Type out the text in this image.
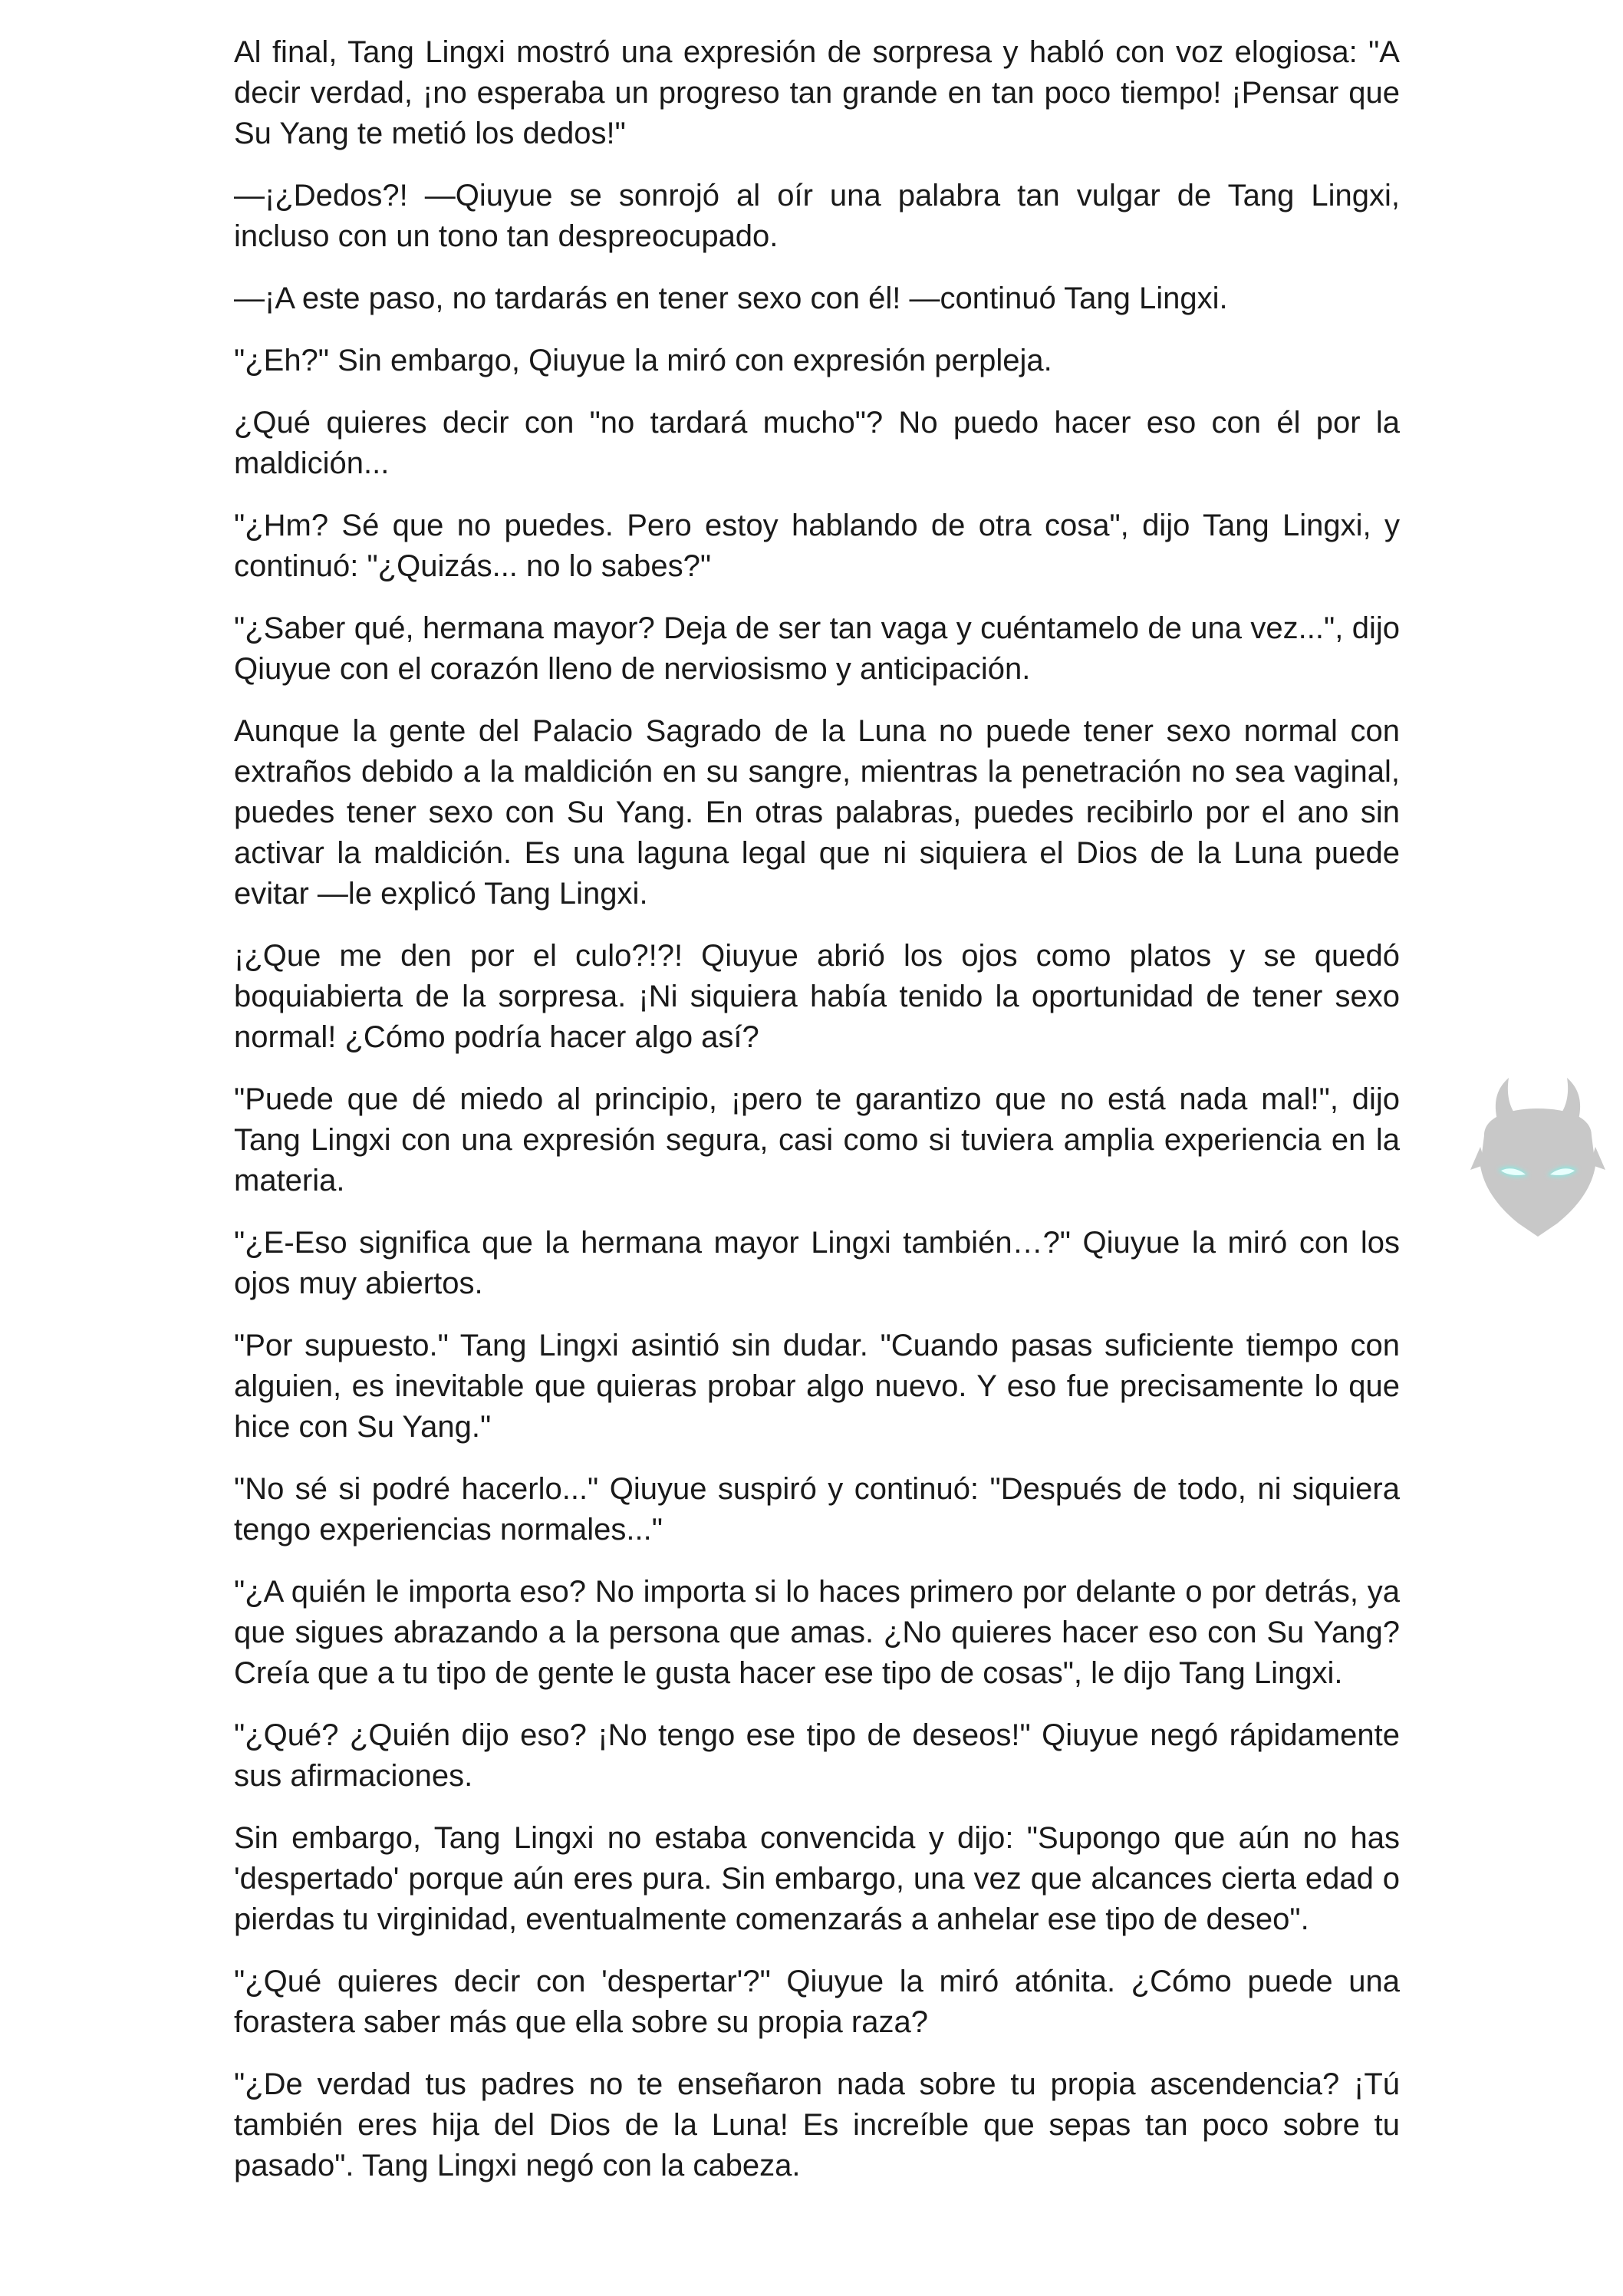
Al final, Tang Lingxi mostró una expresión de sorpresa y habló con voz elogiosa: "A decir verdad, ¡no esperaba un progreso tan grande en tan poco tiempo! ¡Pensar que Su Yang te metió los dedos!"

—¡¿Dedos?! —Qiuyue se sonrojó al oír una palabra tan vulgar de Tang Lingxi, incluso con un tono tan despreocupado.

—¡A este paso, no tardarás en tener sexo con él! —continuó Tang Lingxi.

"¿Eh?" Sin embargo, Qiuyue la miró con expresión perpleja.

¿Qué quieres decir con "no tardará mucho"? No puedo hacer eso con él por la maldición...

"¿Hm? Sé que no puedes. Pero estoy hablando de otra cosa", dijo Tang Lingxi, y continuó: "¿Quizás... no lo sabes?"

"¿Saber qué, hermana mayor? Deja de ser tan vaga y cuéntamelo de una vez...", dijo Qiuyue con el corazón lleno de nerviosismo y anticipación.

Aunque la gente del Palacio Sagrado de la Luna no puede tener sexo normal con extraños debido a la maldición en su sangre, mientras la penetración no sea vaginal, puedes tener sexo con Su Yang. En otras palabras, puedes recibirlo por el ano sin activar la maldición. Es una laguna legal que ni siquiera el Dios de la Luna puede evitar —le explicó Tang Lingxi.

¡¿Que me den por el culo?!?! Qiuyue abrió los ojos como platos y se quedó boquiabierta de la sorpresa. ¡Ni siquiera había tenido la oportunidad de tener sexo normal! ¿Cómo podría hacer algo así?

"Puede que dé miedo al principio, ¡pero te garantizo que no está nada mal!", dijo Tang Lingxi con una expresión segura, casi como si tuviera amplia experiencia en la materia.

"¿E-Eso significa que la hermana mayor Lingxi también…?" Qiuyue la miró con los ojos muy abiertos.

"Por supuesto." Tang Lingxi asintió sin dudar. "Cuando pasas suficiente tiempo con alguien, es inevitable que quieras probar algo nuevo. Y eso fue precisamente lo que hice con Su Yang."

"No sé si podré hacerlo..." Qiuyue suspiró y continuó: "Después de todo, ni siquiera tengo experiencias normales..."

"¿A quién le importa eso? No importa si lo haces primero por delante o por detrás, ya que sigues abrazando a la persona que amas. ¿No quieres hacer eso con Su Yang? Creía que a tu tipo de gente le gusta hacer ese tipo de cosas", le dijo Tang Lingxi.

"¿Qué? ¿Quién dijo eso? ¡No tengo ese tipo de deseos!" Qiuyue negó rápidamente sus afirmaciones.

Sin embargo, Tang Lingxi no estaba convencida y dijo: "Supongo que aún no has 'despertado' porque aún eres pura. Sin embargo, una vez que alcances cierta edad o pierdas tu virginidad, eventualmente comenzarás a anhelar ese tipo de deseo".

"¿Qué quieres decir con 'despertar'?" Qiuyue la miró atónita. ¿Cómo puede una forastera saber más que ella sobre su propia raza?

"¿De verdad tus padres no te enseñaron nada sobre tu propia ascendencia? ¡Tú también eres hija del Dios de la Luna! Es increíble que sepas tan poco sobre tu pasado". Tang Lingxi negó con la cabeza.
